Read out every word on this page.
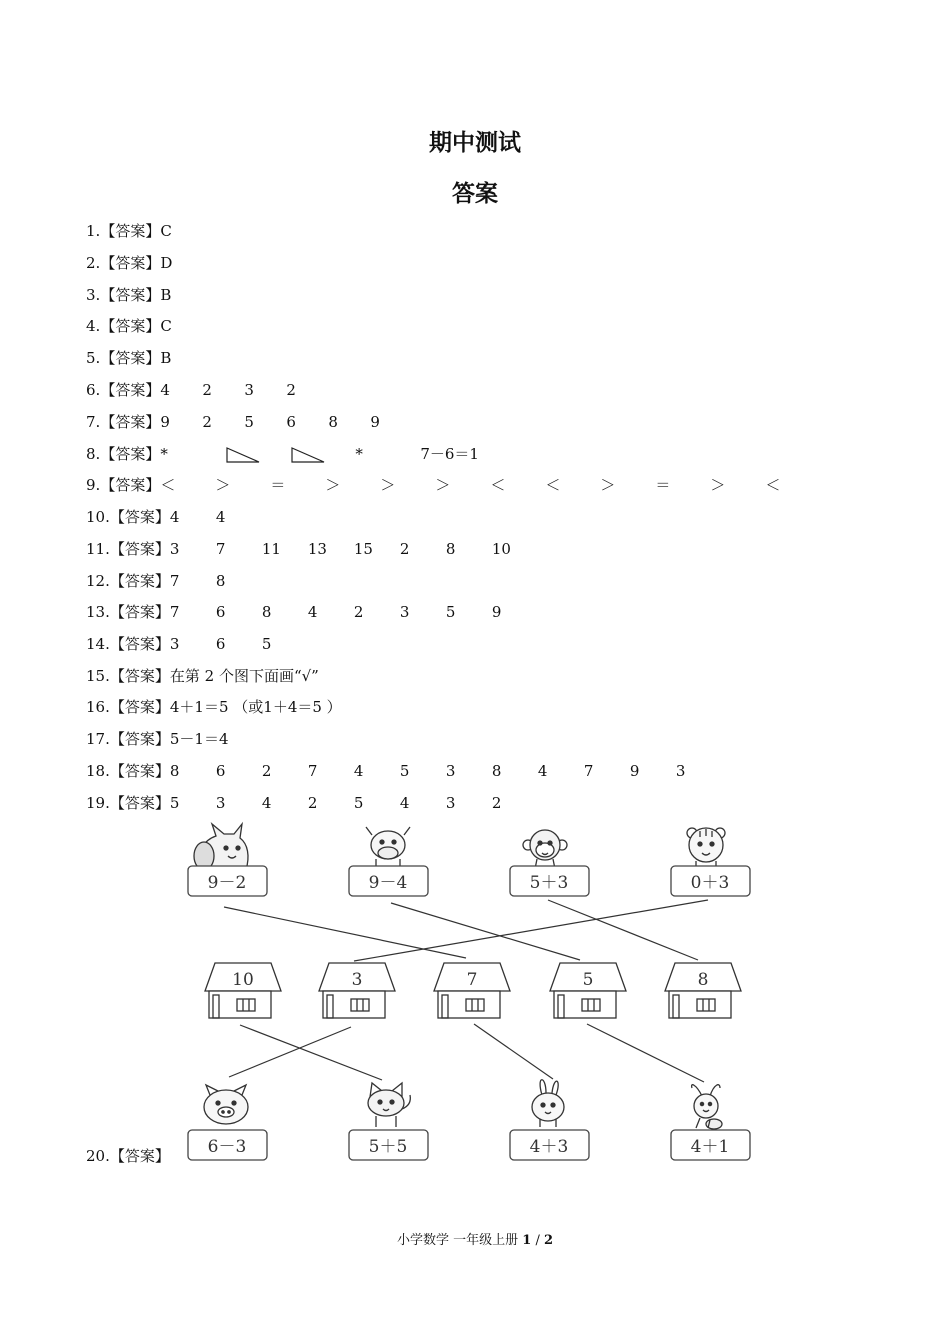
期中测试
答案
1.【答案】C
2.【答案】D
3.【答案】B
4.【答案】C
5.【答案】B
6.【答案】4 2 3 2
7.【答案】9 2 5 6 8 9
8.【答案】*	*	7－6＝1
9.【答案】＜	＞	＝	＞	＞	＞	＜	＜	＞	＝	＞	＜
10.【答案】4 4
11.【答案】3 7 11 13 15 2 8 10
12.【答案】7 8
13.【答案】7 6 8 4 2 3 5 9
14.【答案】3 6 5
15.【答案】在第 2 个图下面画“√”
16.【答案】4＋1＝5 （或1＋4＝5 ）
17.【答案】5－1＝4
18.【答案】8 6 2 7 4 5 3 8 4 7 9 3
19.【答案】5 3 4 2 5 4 3 2
20.【答案】
9－2	9－4	5＋3	0＋3
10	3	7	5	8
6－3	5＋5	4＋3	4＋1
小学数学 一年级上册 1 / 2
